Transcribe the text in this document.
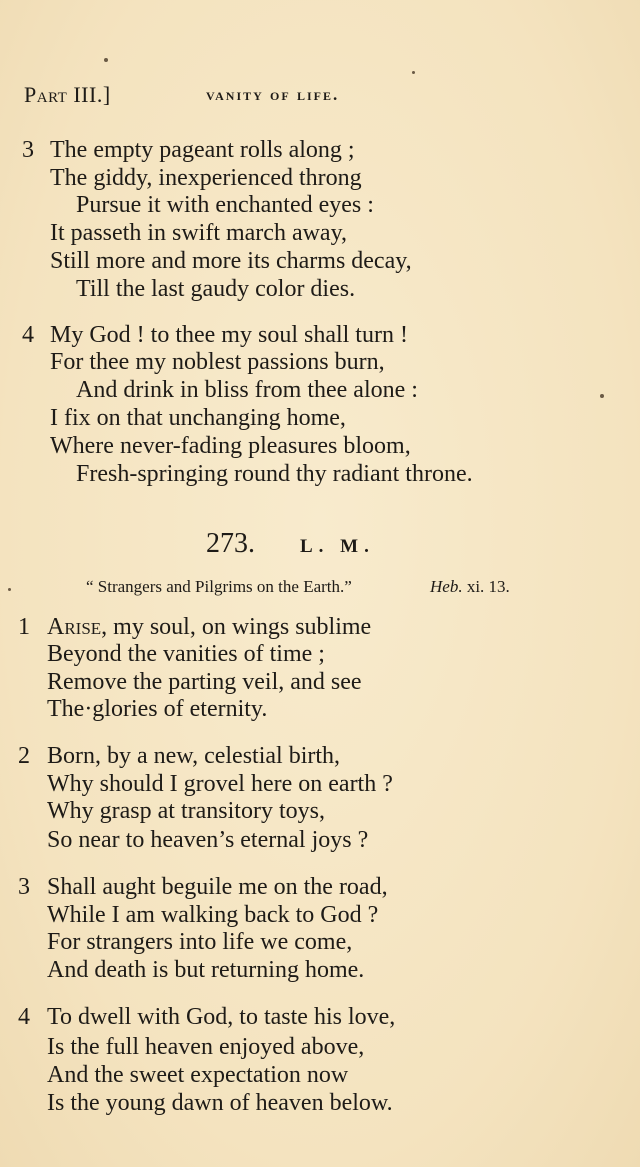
Part III.]	vanity of life.
3 The empty pageant rolls along ;
The giddy, inexperienced throng
Pursue it with enchanted eyes :
It passeth in swift march away,
Still more and more its charms decay,
Till the last gaudy color dies.
4 My God ! to thee my soul shall turn !
For thee my noblest passions burn,
And drink in bliss from thee alone :
I fix on that unchanging home,
Where never-fading pleasures bloom,
Fresh-springing round thy radiant throne.
273. L. M.
“ Strangers and Pilgrims on the Earth.”	Heb. xi. 13.
1 Arise, my soul, on wings sublime
Beyond the vanities of time ;
Remove the parting veil, and see
The·glories of eternity.
2 Born, by a new, celestial birth,
Why should I grovel here on earth ?
Why grasp at transitory toys,
So near to heaven’s eternal joys ?
3 Shall aught beguile me on the road,
While I am walking back to God ?
For strangers into life we come,
And death is but returning home.
4 To dwell with God, to taste his love,
Is the full heaven enjoyed above,
And the sweet expectation now
Is the young dawn of heaven below.
